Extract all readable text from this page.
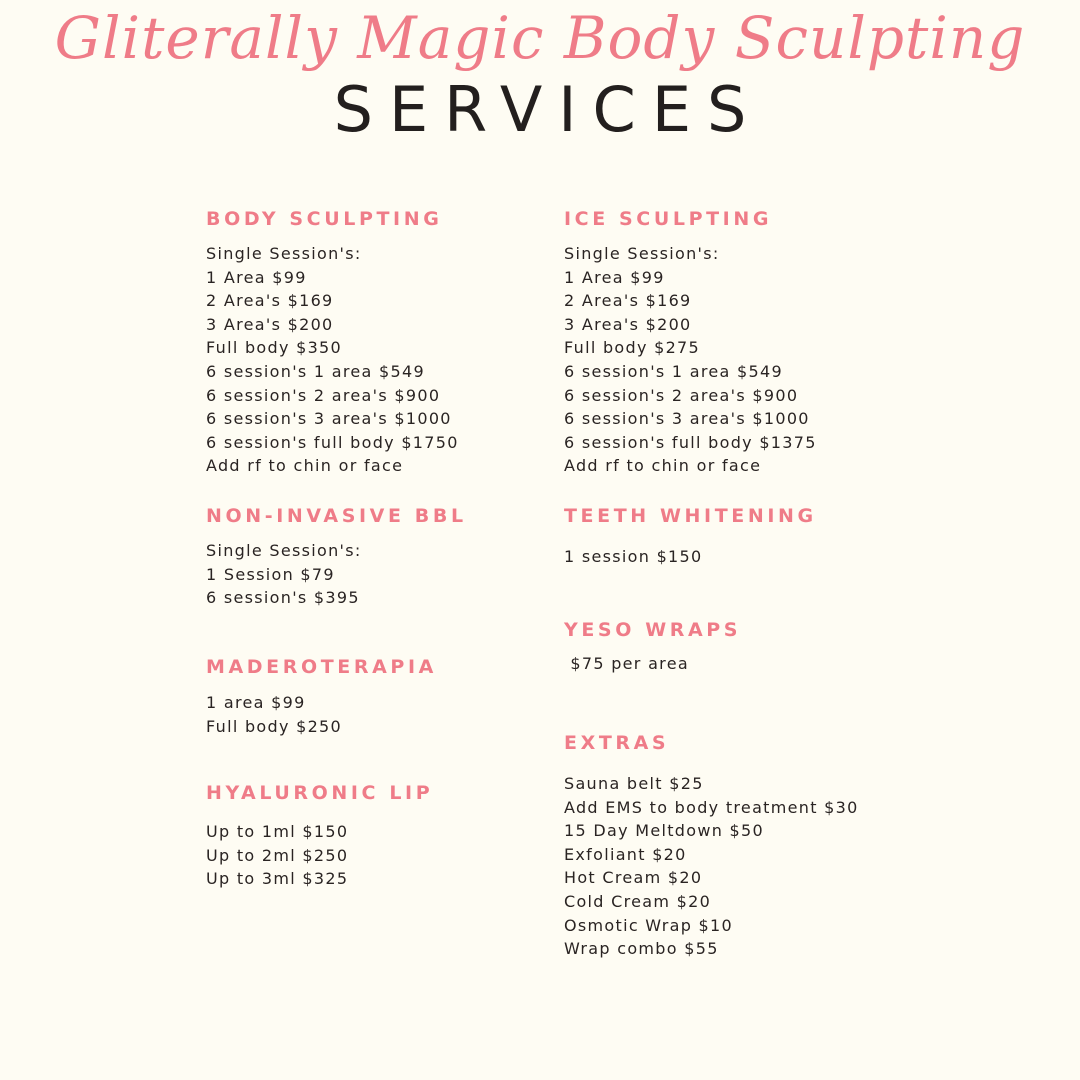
Gliterally Magic Body Sculpting
SERVICES
BODY SCULPTING
Single Session's:
1 Area $99
2 Area's $169
3 Area's $200
Full body $350
6 session's 1 area $549
6 session's 2 area's $900
6 session's 3 area's $1000
6 session's full body $1750
Add rf to chin or face
ICE SCULPTING
Single Session's:
1 Area $99
2 Area's $169
3 Area's $200
Full body $275
6 session's 1 area $549
6 session's 2 area's $900
6 session's 3 area's $1000
6 session's full body $1375
Add rf to chin or face
NON-INVASIVE BBL
Single Session's:
1 Session $79
6 session's $395
TEETH WHITENING
1 session $150
YESO WRAPS
$75 per area
MADEROTERAPIA
1 area $99
Full body $250
EXTRAS
Sauna belt $25
Add EMS to body treatment $30
15 Day Meltdown $50
Exfoliant $20
Hot Cream $20
Cold Cream $20
Osmotic Wrap $10
Wrap combo $55
HYALURONIC LIP
Up to 1ml $150
Up to 2ml $250
Up to 3ml $325
